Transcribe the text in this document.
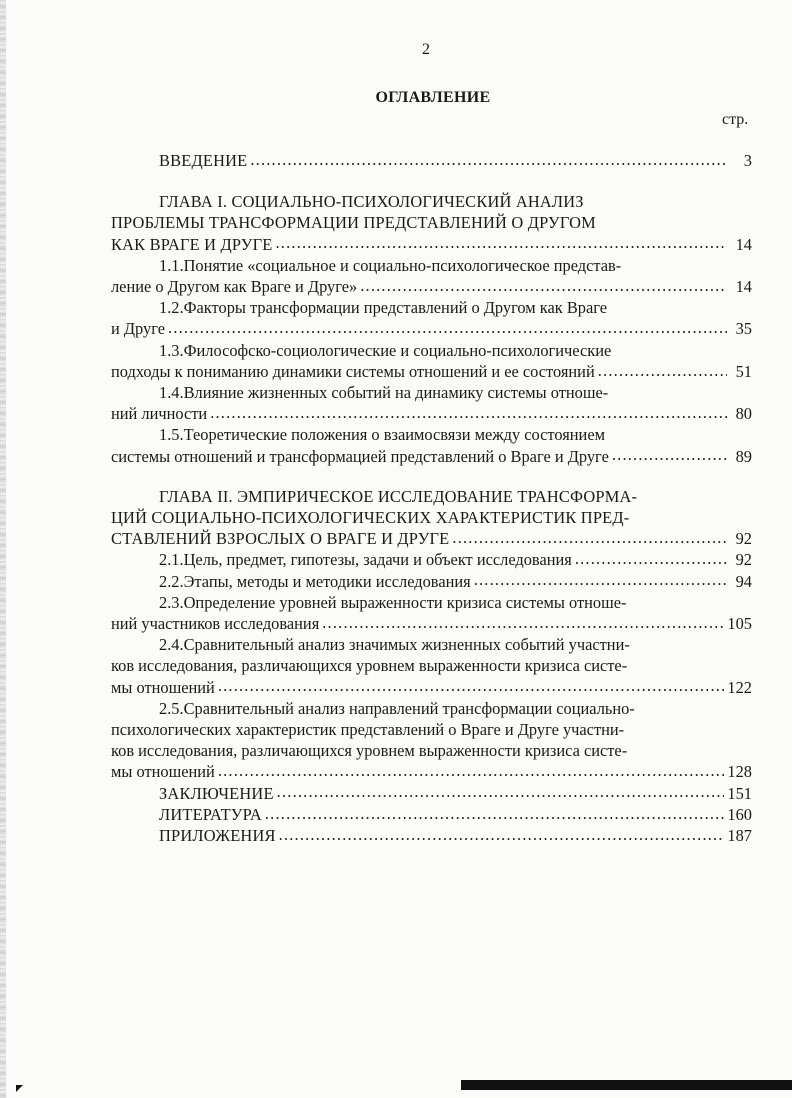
2
ОГЛАВЛЕНИЕ
стр.
ВВЕДЕНИЕ .....	3
ГЛАВА I. СОЦИАЛЬНО-ПСИХОЛОГИЧЕСКИЙ АНАЛИЗ
ПРОБЛЕМЫ ТРАНСФОРМАЦИИ ПРЕДСТАВЛЕНИЙ О ДРУГОМ
КАК ВРАГЕ И ДРУГЕ .....	14
1.1.Понятие «социальное и социально-психологическое представ-
ление о Другом как Враге и Друге» .....	14
1.2.Факторы трансформации представлений о Другом как Враге
и Друге .....	35
1.3.Философско-социологические и социально-психологические
подходы к пониманию динамики системы отношений и ее состояний .....	51
1.4.Влияние жизненных событий на динамику системы отноше-
ний личности .....	80
1.5.Теоретические положения о взаимосвязи между состоянием
системы отношений и трансформацией представлений о Враге и Друге .....	89
ГЛАВА II. ЭМПИРИЧЕСКОЕ ИССЛЕДОВАНИЕ ТРАНСФОРМА-
ЦИЙ СОЦИАЛЬНО-ПСИХОЛОГИЧЕСКИХ ХАРАКТЕРИСТИК ПРЕД-
СТАВЛЕНИЙ ВЗРОСЛЫХ О ВРАГЕ И ДРУГЕ .....	92
2.1.Цель, предмет, гипотезы, задачи и объект исследования .....	92
2.2.Этапы, методы и методики исследования .....	94
2.3.Определение уровней выраженности кризиса системы отноше-
ний участников исследования .....	105
2.4.Сравнительный анализ значимых жизненных событий участни-
ков исследования, различающихся уровнем выраженности кризиса систе-
мы отношений .....	122
2.5.Сравнительный анализ направлений трансформации социально-
психологических характеристик представлений о Враге и Друге участни-
ков исследования, различающихся уровнем выраженности кризиса систе-
мы отношений .....	128
ЗАКЛЮЧЕНИЕ .....	151
ЛИТЕРАТУРА .....	160
ПРИЛОЖЕНИЯ .....	187
